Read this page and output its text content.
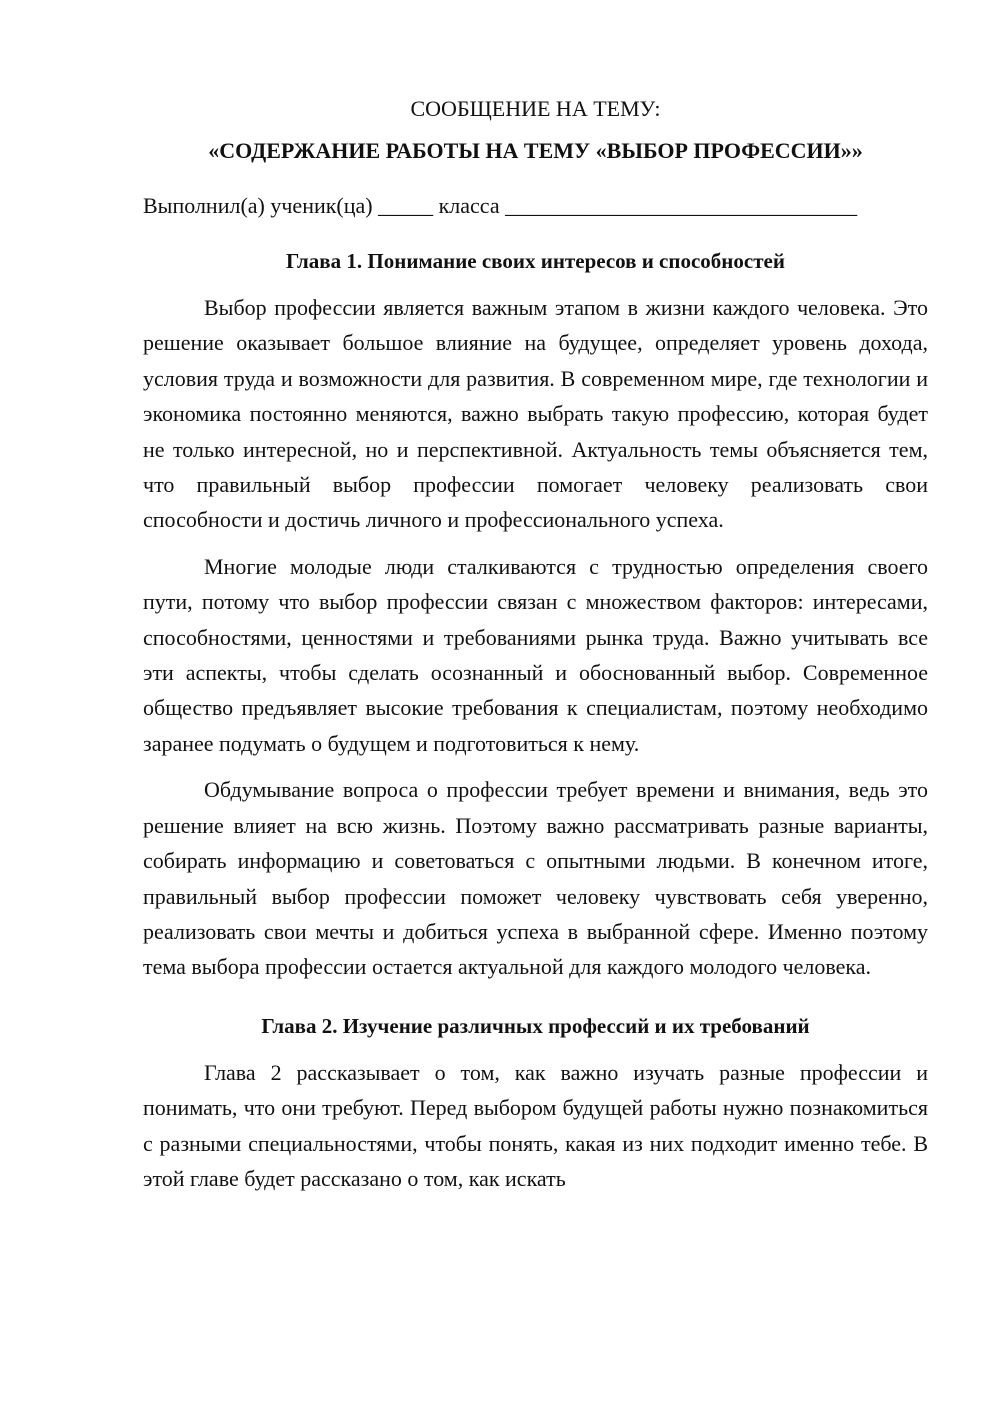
СООБЩЕНИЕ НА ТЕМУ:

«СОДЕРЖАНИЕ РАБОТЫ НА ТЕМУ «ВЫБОР ПРОФЕССИИ»»

Выполнил(а) ученик(ца) _____ класса ________________________________
Глава 1. Понимание своих интересов и способностей

Выбор профессии является важным этапом в жизни каждого человека. Это решение оказывает большое влияние на будущее, определяет уровень дохода, условия труда и возможности для развития. В современном мире, где технологии и экономика постоянно меняются, важно выбрать такую профессию, которая будет не только интересной, но и перспективной. Актуальность темы объясняется тем, что правильный выбор профессии помогает человеку реализовать свои способности и достичь личного и профессионального успеха.

Многие молодые люди сталкиваются с трудностью определения своего пути, потому что выбор профессии связан с множеством факторов: интересами, способностями, ценностями и требованиями рынка труда. Важно учитывать все эти аспекты, чтобы сделать осознанный и обоснованный выбор. Современное общество предъявляет высокие требования к специалистам, поэтому необходимо заранее подумать о будущем и подготовиться к нему.

Обдумывание вопроса о профессии требует времени и внимания, ведь это решение влияет на всю жизнь. Поэтому важно рассматривать разные варианты, собирать информацию и советоваться с опытными людьми. В конечном итоге, правильный выбор профессии поможет человеку чувствовать себя уверенно, реализовать свои мечты и добиться успеха в выбранной сфере. Именно поэтому тема выбора профессии остается актуальной для каждого молодого человека.

Глава 2. Изучение различных профессий и их требований

Глава 2 рассказывает о том, как важно изучать разные профессии и понимать, что они требуют. Перед выбором будущей работы нужно познакомиться с разными специальностями, чтобы понять, какая из них подходит именно тебе. В этой главе будет рассказано о том, как искать
